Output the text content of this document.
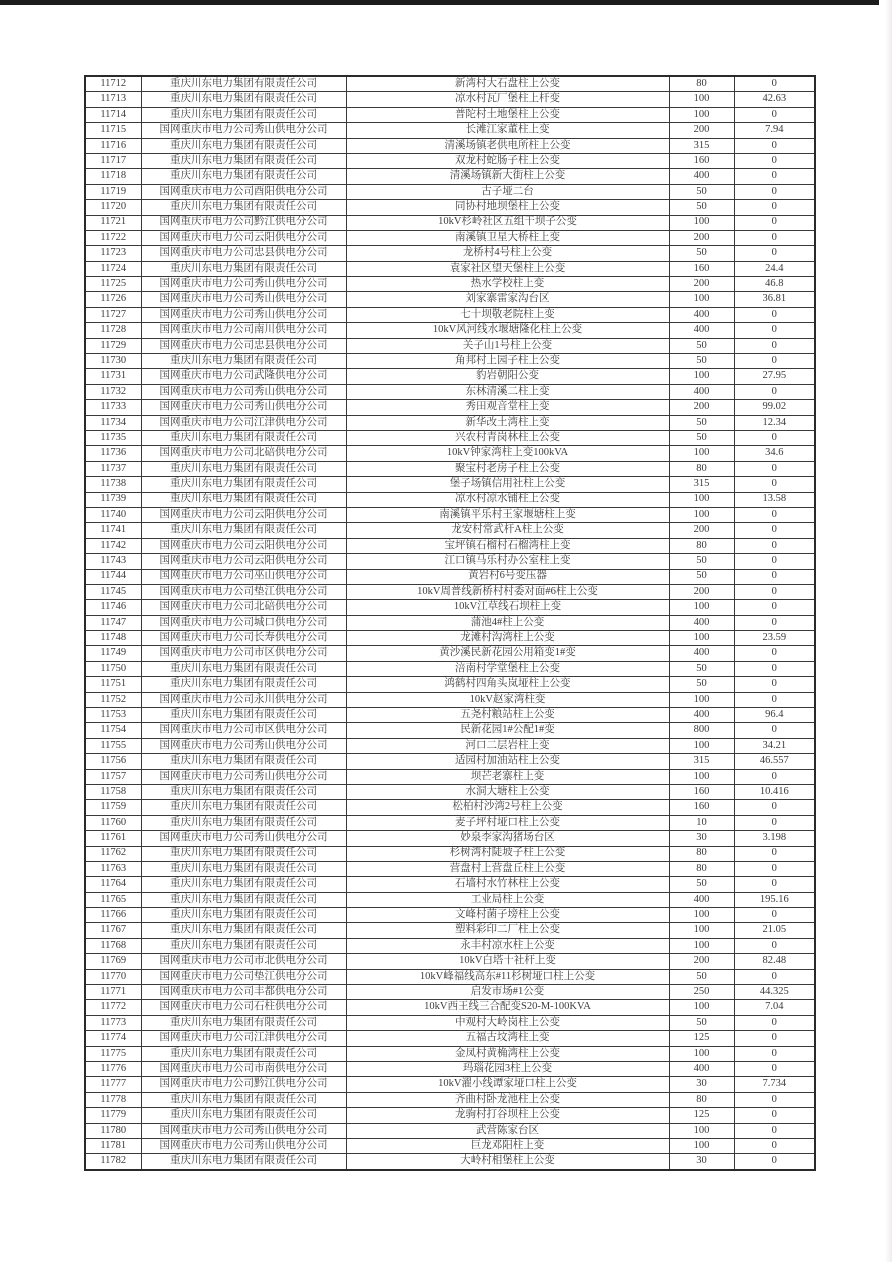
11712	重庆川东电力集团有限责任公司	新湾村大石盘柱上公变	80	0
11713	重庆川东电力集团有限责任公司	凉水村瓦厂堡柱上杆变	100	42.63
11714	重庆川东电力集团有限责任公司	普陀村土地堡柱上公变	100	0
11715	国网重庆市电力公司秀山供电分公司	长滩江家董柱上变	200	7.94
11716	重庆川东电力集团有限责任公司	清溪场镇老供电所柱上公变	315	0
11717	重庆川东电力集团有限责任公司	双龙村蛇肠子柱上公变	160	0
11718	重庆川东电力集团有限责任公司	清溪场镇新大街柱上公变	400	0
11719	国网重庆市电力公司酉阳供电分公司	古子垭二台	50	0
11720	重庆川东电力集团有限责任公司	同协村地坝堡柱上公变	50	0
11721	国网重庆市电力公司黔江供电分公司	10kV杉岭社区五组干坝子公变	100	0
11722	国网重庆市电力公司云阳供电分公司	南溪镇卫星大桥柱上变	200	0
11723	国网重庆市电力公司忠县供电分公司	龙桥村4号柱上公变	50	0
11724	重庆川东电力集团有限责任公司	袁家社区望天堡柱上公变	160	24.4
11725	国网重庆市电力公司秀山供电分公司	热水学校柱上变	200	46.8
11726	国网重庆市电力公司秀山供电分公司	刘家寨雷家沟台区	100	36.81
11727	国网重庆市电力公司秀山供电分公司	七十坝敬老院柱上变	400	0
11728	国网重庆市电力公司南川供电分公司	10kV风河线水堰塘隆化柱上公变	400	0
11729	国网重庆市电力公司忠县供电分公司	关子山1号柱上公变	50	0
11730	重庆川东电力集团有限责任公司	角邦村上园子柱上公变	50	0
11731	国网重庆市电力公司武隆供电分公司	豹岩朝阳公变	100	27.95
11732	国网重庆市电力公司秀山供电分公司	东林清溪二柱上变	400	0
11733	国网重庆市电力公司秀山供电分公司	秀田观音堂柱上变	200	99.02
11734	国网重庆市电力公司江津供电分公司	新华改土湾柱上变	50	12.34
11735	重庆川东电力集团有限责任公司	兴农村青岗林柱上公变	50	0
11736	国网重庆市电力公司北碚供电分公司	10kV钟家湾柱上变100kVA	100	34.6
11737	重庆川东电力集团有限责任公司	聚宝村老房子柱上公变	80	0
11738	重庆川东电力集团有限责任公司	堡子场镇信用社柱上公变	315	0
11739	重庆川东电力集团有限责任公司	凉水村凉水铺柱上公变	100	13.58
11740	国网重庆市电力公司云阳供电分公司	南溪镇平乐村王家堰塘柱上变	100	0
11741	重庆川东电力集团有限责任公司	龙安村常武杆A柱上公变	200	0
11742	国网重庆市电力公司云阳供电分公司	宝坪镇石榴村石榴湾柱上变	80	0
11743	国网重庆市电力公司云阳供电分公司	江口镇马乐村办公室柱上变	50	0
11744	国网重庆市电力公司巫山供电分公司	黄岩村6号变压器	50	0
11745	国网重庆市电力公司垫江供电分公司	10kV周普线新桥村村委对面#6柱上公变	200	0
11746	国网重庆市电力公司北碚供电分公司	10kV江草线石坝柱上变	100	0
11747	国网重庆市电力公司城口供电分公司	蒲池4#柱上公变	400	0
11748	国网重庆市电力公司长寿供电分公司	龙滩村沟湾柱上公变	100	23.59
11749	国网重庆市电力公司市区供电分公司	黄沙溪民新花园公用箱变1#变	400	0
11750	重庆川东电力集团有限责任公司	涪南村学堂堡柱上公变	50	0
11751	重庆川东电力集团有限责任公司	鸿鹤村四角头岚垭柱上公变	50	0
11752	国网重庆市电力公司永川供电分公司	10kV赵家湾柱变	100	0
11753	重庆川东电力集团有限责任公司	五尧村粮站柱上公变	400	96.4
11754	国网重庆市电力公司市区供电分公司	民新花园1#公配1#变	800	0
11755	国网重庆市电力公司秀山供电分公司	河口二层岩柱上变	100	34.21
11756	重庆川东电力集团有限责任公司	适园村加油站柱上公变	315	46.557
11757	国网重庆市电力公司秀山供电分公司	坝芒老寨柱上变	100	0
11758	重庆川东电力集团有限责任公司	水洞大塘柱上公变	160	10.416
11759	重庆川东电力集团有限责任公司	松柏村沙湾2号柱上公变	160	0
11760	重庆川东电力集团有限责任公司	麦子坪村垭口柱上公变	10	0
11761	国网重庆市电力公司秀山供电分公司	妙泉李家沟猪场台区	30	3.198
11762	重庆川东电力集团有限责任公司	杉树湾村陡坡子柱上公变	80	0
11763	重庆川东电力集团有限责任公司	营盘村上营盘丘柱上公变	80	0
11764	重庆川东电力集团有限责任公司	石墙村水竹林柱上公变	50	0
11765	重庆川东电力集团有限责任公司	工业局柱上公变	400	195.16
11766	重庆川东电力集团有限责任公司	文峰村菌子塝柱上公变	100	0
11767	重庆川东电力集团有限责任公司	塑料彩印二厂柱上公变	100	21.05
11768	重庆川东电力集团有限责任公司	永丰村凉水柱上公变	100	0
11769	国网重庆市电力公司市北供电分公司	10kV白塔十社杆上变	200	82.48
11770	国网重庆市电力公司垫江供电分公司	10kV峰福线高东#11杉树垭口柱上公变	50	0
11771	国网重庆市电力公司丰都供电分公司	启发市场#1公变	250	44.325
11772	国网重庆市电力公司石柱供电分公司	10kV西王线三合配变S20-M-100KVA	100	7.04
11773	重庆川东电力集团有限责任公司	中观村大岭岗柱上公变	50	0
11774	国网重庆市电力公司江津供电分公司	五福古坟湾柱上变	125	0
11775	重庆川东电力集团有限责任公司	金凤村黄桷湾柱上公变	100	0
11776	国网重庆市电力公司市南供电分公司	玛瑙花园3柱上公变	400	0
11777	国网重庆市电力公司黔江供电分公司	10kV濯小线谭家垭口柱上公变	30	7.734
11778	重庆川东电力集团有限责任公司	齐曲村卧龙池柱上公变	80	0
11779	重庆川东电力集团有限责任公司	龙驹村打谷坝柱上公变	125	0
11780	国网重庆市电力公司秀山供电分公司	武营陈家台区	100	0
11781	国网重庆市电力公司秀山供电分公司	巨龙邓阳柱上变	100	0
11782	重庆川东电力集团有限责任公司	大岭村相堡柱上公变	30	0
